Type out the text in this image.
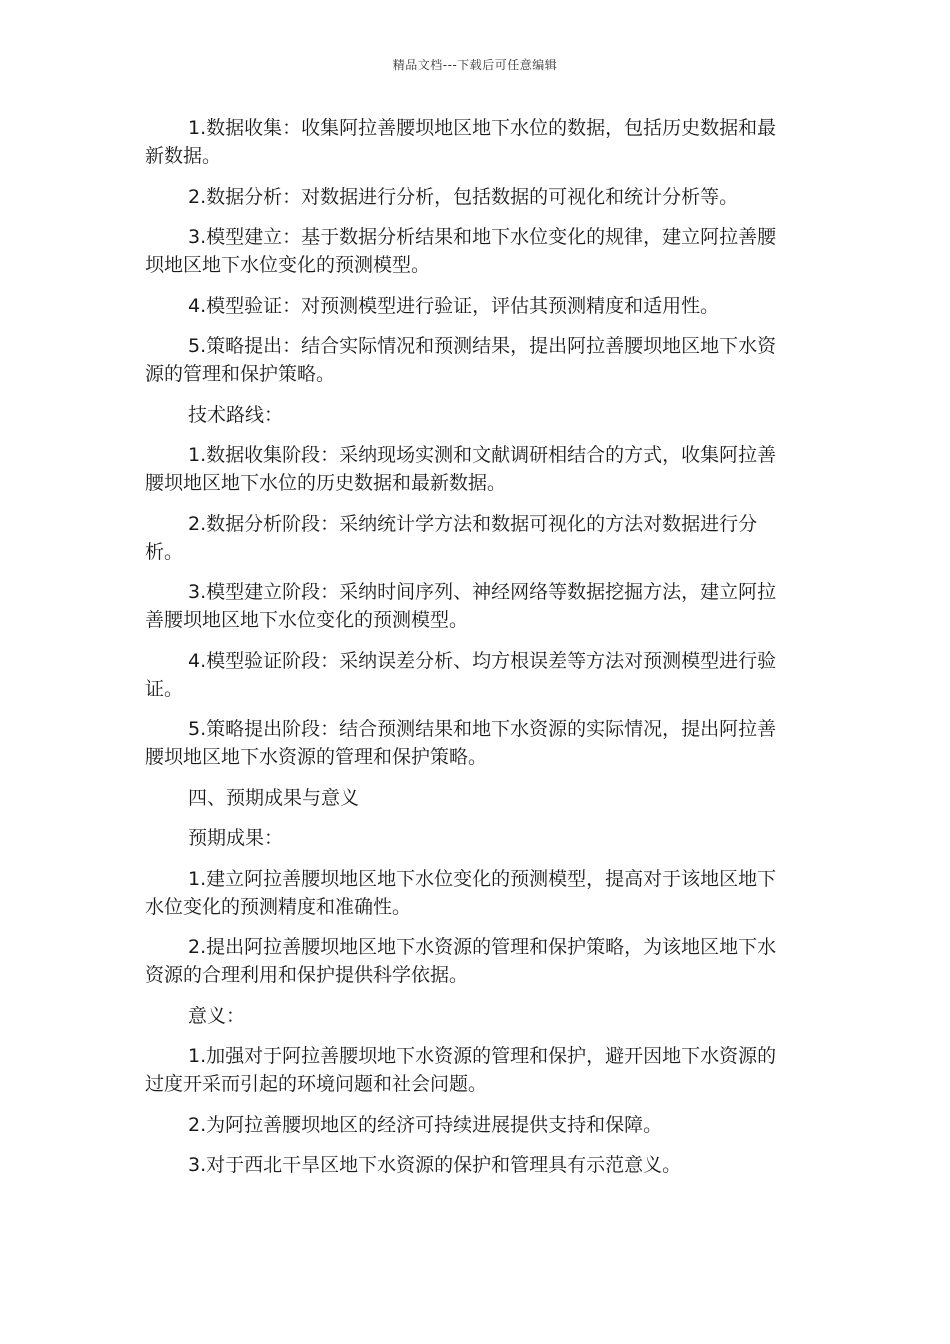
精品文档---下载后可任意编辑

1.数据收集：收集阿拉善腰坝地区地下水位的数据，包括历史数据和最新数据。

2.数据分析：对数据进行分析，包括数据的可视化和统计分析等。

3.模型建立：基于数据分析结果和地下水位变化的规律，建立阿拉善腰坝地区地下水位变化的预测模型。

4.模型验证：对预测模型进行验证，评估其预测精度和适用性。

5.策略提出：结合实际情况和预测结果，提出阿拉善腰坝地区地下水资源的管理和保护策略。

技术路线：

1.数据收集阶段：采纳现场实测和文献调研相结合的方式，收集阿拉善腰坝地区地下水位的历史数据和最新数据。

2.数据分析阶段：采纳统计学方法和数据可视化的方法对数据进行分析。

3.模型建立阶段：采纳时间序列、神经网络等数据挖掘方法，建立阿拉善腰坝地区地下水位变化的预测模型。

4.模型验证阶段：采纳误差分析、均方根误差等方法对预测模型进行验证。

5.策略提出阶段：结合预测结果和地下水资源的实际情况，提出阿拉善腰坝地区地下水资源的管理和保护策略。

四、预期成果与意义

预期成果：

1.建立阿拉善腰坝地区地下水位变化的预测模型，提高对于该地区地下水位变化的预测精度和准确性。

2.提出阿拉善腰坝地区地下水资源的管理和保护策略，为该地区地下水资源的合理利用和保护提供科学依据。

意义：

1.加强对于阿拉善腰坝地下水资源的管理和保护，避开因地下水资源的过度开采而引起的环境问题和社会问题。

2.为阿拉善腰坝地区的经济可持续进展提供支持和保障。

3.对于西北干旱区地下水资源的保护和管理具有示范意义。
